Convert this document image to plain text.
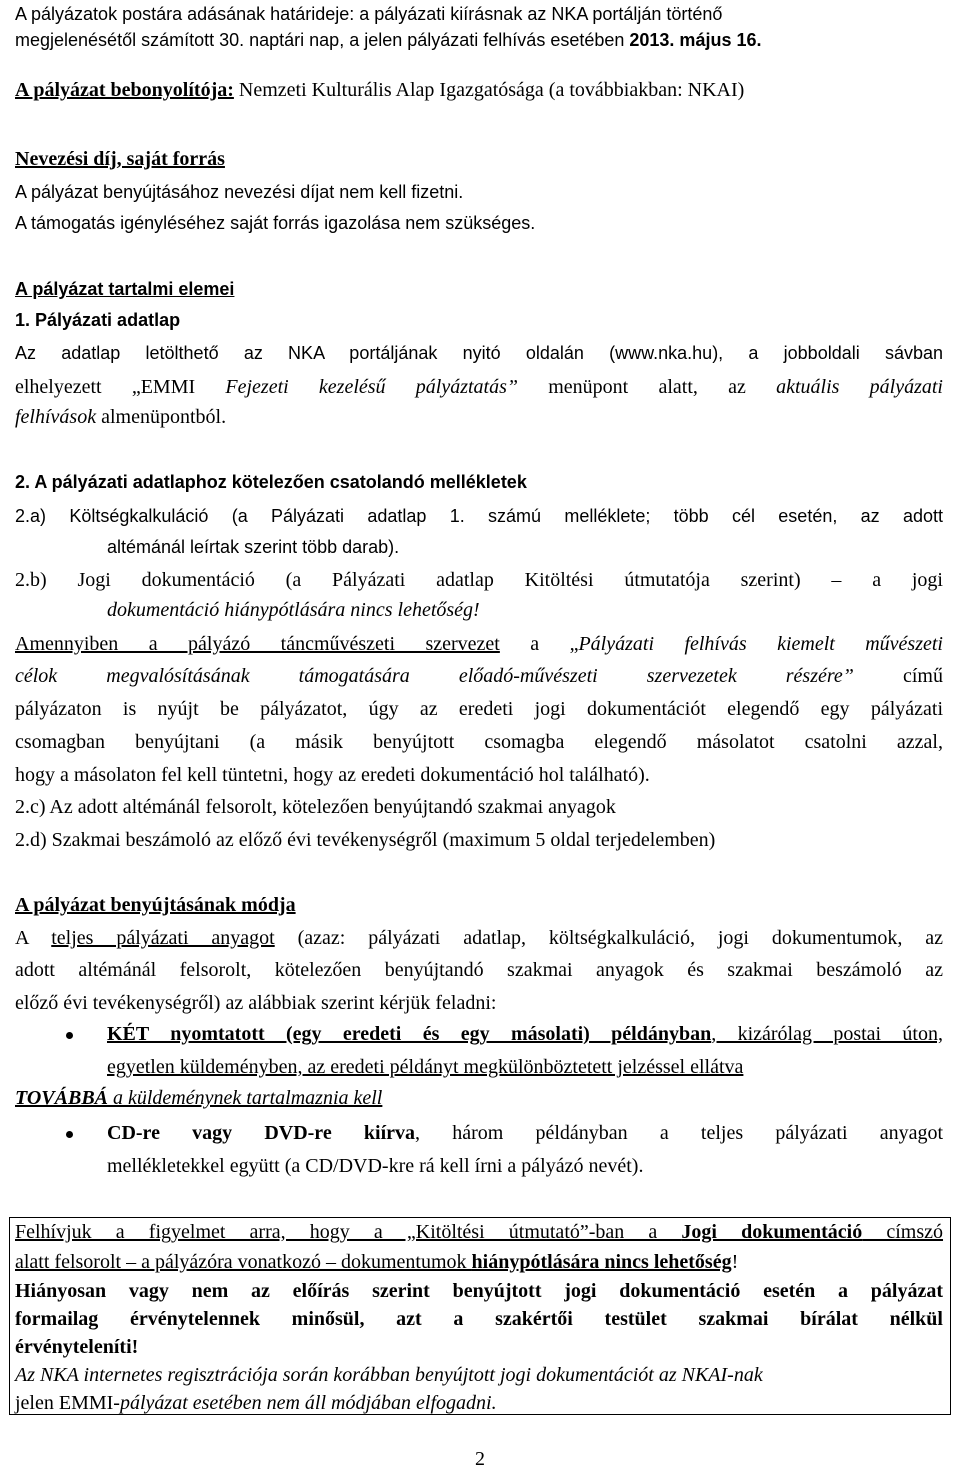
A pályázatok postára adásának határideje: a pályázati kiírásnak az NKA portálján történő
megjelenésétől számított 30. naptári nap, a jelen pályázati felhívás esetében 2013. május 16.
A pályázat bebonyolítója: Nemzeti Kulturális Alap Igazgatósága (a továbbiakban: NKAI)
Nevezési díj, saját forrás
A pályázat benyújtásához nevezési díjat nem kell fizetni.
A támogatás igényléséhez saját forrás igazolása nem szükséges.
A pályázat tartalmi elemei
1. Pályázati adatlap
Az adatlap letölthető az NKA portáljának nyitó oldalán (www.nka.hu), a jobboldali sávban
elhelyezett „EMMI Fejezeti kezelésű pályáztatás” menüpont alatt, az aktuális pályázati
felhívások almenüpontból.
2. A pályázati adatlaphoz kötelezően csatolandó mellékletek
2.a) Költségkalkuláció (a Pályázati adatlap 1. számú melléklete; több cél esetén, az adott
altémánál leírtak szerint több darab).
2.b) Jogi dokumentáció (a Pályázati adatlap Kitöltési útmutatója szerint) – a jogi
dokumentáció hiánypótlására nincs lehetőség!
Amennyiben a pályázó táncművészeti szervezet a „Pályázati felhívás kiemelt művészeti
célok megvalósításának támogatására előadó-művészeti szervezetek részére” című
pályázaton is nyújt be pályázatot, úgy az eredeti jogi dokumentációt elegendő egy pályázati
csomagban benyújtani (a másik benyújtott csomagba elegendő másolatot csatolni azzal,
hogy a másolaton fel kell tüntetni, hogy az eredeti dokumentáció hol található).
2.c) Az adott altémánál felsorolt, kötelezően benyújtandó szakmai anyagok
2.d) Szakmai beszámoló az előző évi tevékenységről (maximum 5 oldal terjedelemben)
A pályázat benyújtásának módja
A teljes pályázati anyagot (azaz: pályázati adatlap, költségkalkuláció, jogi dokumentumok, az
adott altémánál felsorolt, kötelezően benyújtandó szakmai anyagok és szakmai beszámoló az
előző évi tevékenységről) az alábbiak szerint kérjük feladni:
KÉT nyomtatott (egy eredeti és egy másolati) példányban, kizárólag postai úton,
egyetlen küldeményben, az eredeti példányt megkülönböztetett jelzéssel ellátva
TOVÁBBÁ a küldeménynek tartalmaznia kell
CD-re vagy DVD-re kiírva, három példányban a teljes pályázati anyagot
mellékletekkel együtt (a CD/DVD-kre rá kell írni a pályázó nevét).
Felhívjuk a figyelmet arra, hogy a „Kitöltési útmutató”-ban a Jogi dokumentáció címszó
alatt felsorolt – a pályázóra vonatkozó – dokumentumok hiánypótlására nincs lehetőség!
Hiányosan vagy nem az előírás szerint benyújtott jogi dokumentáció esetén a pályázat
formailag érvénytelennek minősül, azt a szakértői testület szakmai bírálat nélkül
érvényteleníti!
Az NKA internetes regisztrációja során korábban benyújtott jogi dokumentációt az NKAI-nak
jelen EMMI-pályázat esetében nem áll módjában elfogadni.
2
